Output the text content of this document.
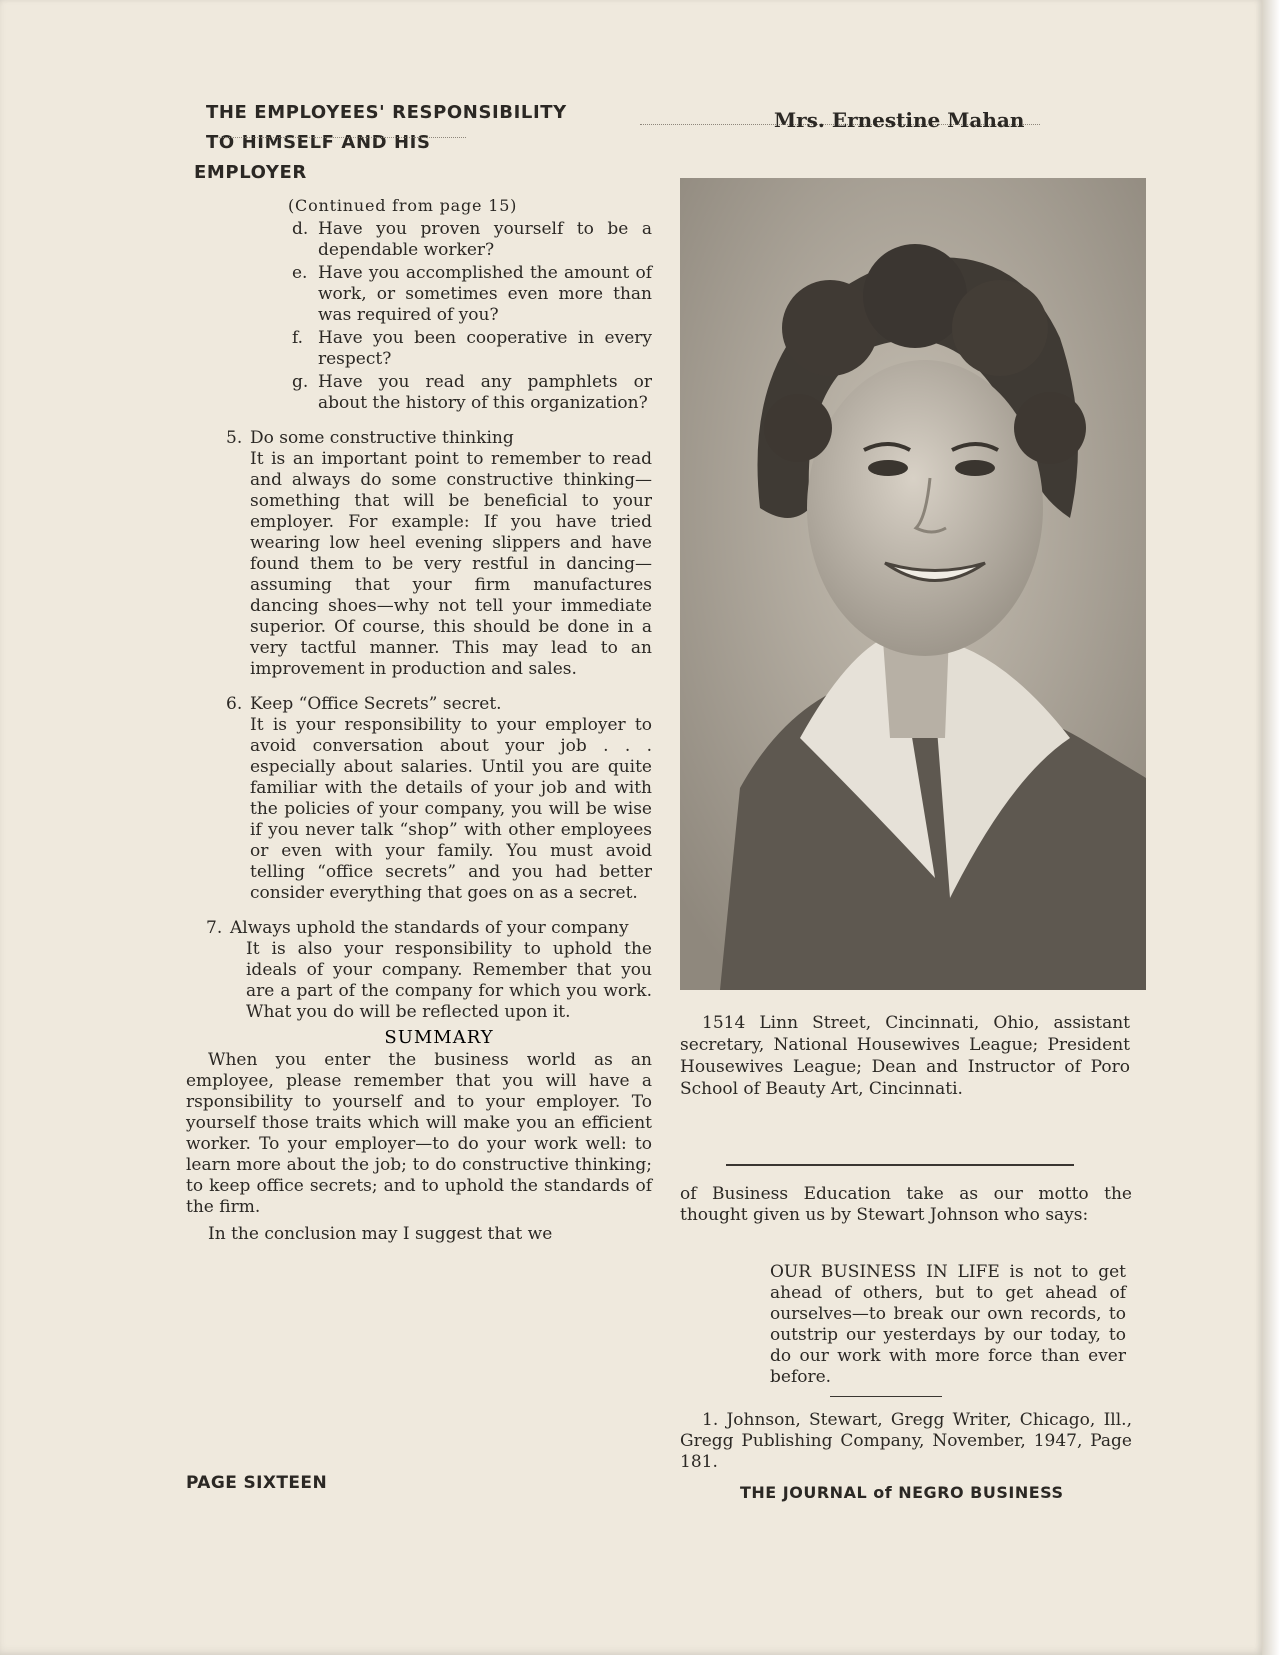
THE EMPLOYEES' RESPONSIBILITY
TO HIMSELF AND HIS
EMPLOYER
(Continued from page 15)
d. Have you proven yourself to be a dependable worker?
e. Have you accomplished the amount of work, or sometimes even more than was required of you?
f. Have you been cooperative in every respect?
g. Have you read any pamphlets or about the history of this organization?
5. Do some constructive thinking
It is an important point to remember to read and always do some constructive thinking—something that will be beneficial to your employer. For example: If you have tried wearing low heel evening slippers and have found them to be very restful in dancing—assuming that your firm manufactures dancing shoes—why not tell your immediate superior. Of course, this should be done in a very tactful manner. This may lead to an improvement in production and sales.
6. Keep “Office Secrets” secret.
It is your responsibility to your employer to avoid conversation about your job . . . especially about salaries. Until you are quite familiar with the details of your job and with the policies of your company, you will be wise if you never talk “shop” with other employees or even with your family. You must avoid telling “office secrets” and you had better consider everything that goes on as a secret.
7. Always uphold the standards of your company
It is also your responsibility to uphold the ideals of your company. Remember that you are a part of the company for which you work. What you do will be reflected upon it.
SUMMARY
When you enter the business world as an employee, please remember that you will have a rsponsibility to yourself and to your employer. To yourself those traits which will make you an efficient worker. To your employer—to do your work well: to learn more about the job; to do constructive thinking; to keep office secrets; and to uphold the standards of the firm.
In the conclusion may I suggest that we
Mrs. Ernestine Mahan

1514 Linn Street, Cincinnati, Ohio, assistant secretary, National Housewives League; President Housewives League; Dean and Instructor of Poro School of Beauty Art, Cincinnati.

of Business Education take as our motto the thought given us by Stewart Johnson who says:
OUR BUSINESS IN LIFE is not to get ahead of others, but to get ahead of ourselves—to break our own records, to outstrip our yesterdays by our today, to do our work with more force than ever before.

1. Johnson, Stewart, Gregg Writer, Chicago, Ill., Gregg Publishing Company, November, 1947, Page 181.

PAGE SIXTEEN	THE JOURNAL of NEGRO BUSINESS
